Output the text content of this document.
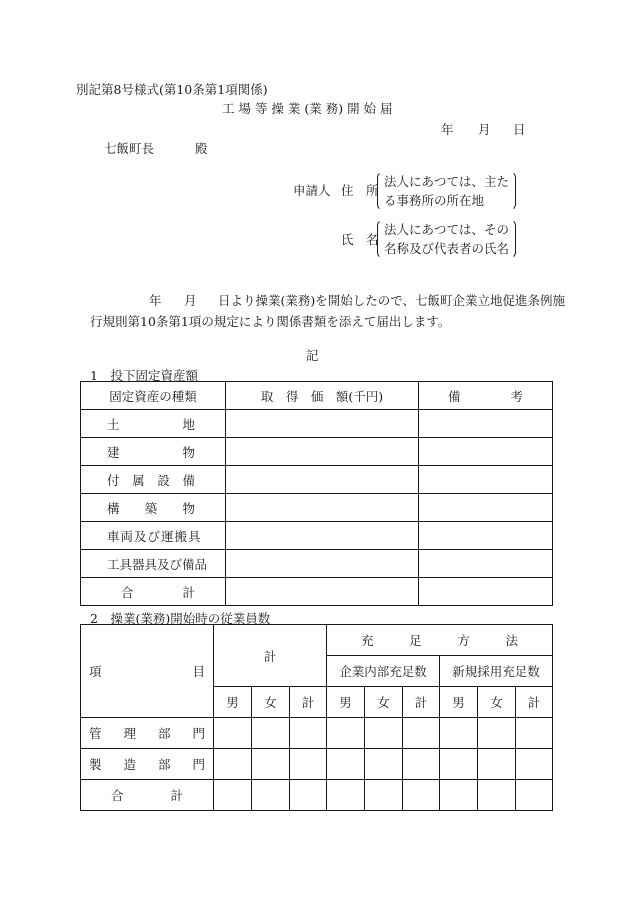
別記第8号様式(第10条第1項関係)
工 場 等 操 業 (業 務) 開 始 届
年 月 日
七飯町長	殿
申請人 住　所
法人にあつては、主た
る事務所の所在地
氏　名
法人にあつては、その
名称及び代表者の氏名
年 月 日より操業(業務)を開始したので、七飯町企業立地促進条例施
行規則第10条第1項の規定により関係書類を添えて届出します。
記
1　投下固定資産額
固定資産の種類	取　得　価　額(千円)	備　　　　考

土 地		

建 物		

付 属 設 備		

構 築 物		

車両及び運搬具		

工具器具及び備品		

合 計		

2　操業(業務)開始時の従業員数
項 目	計			充 足 方 法					

				企業内部充足数			新規採用充足数		
	男	女	計	男	女	計	男	女	計

管 理 部 門									

製 造 部 門									

合 計									
